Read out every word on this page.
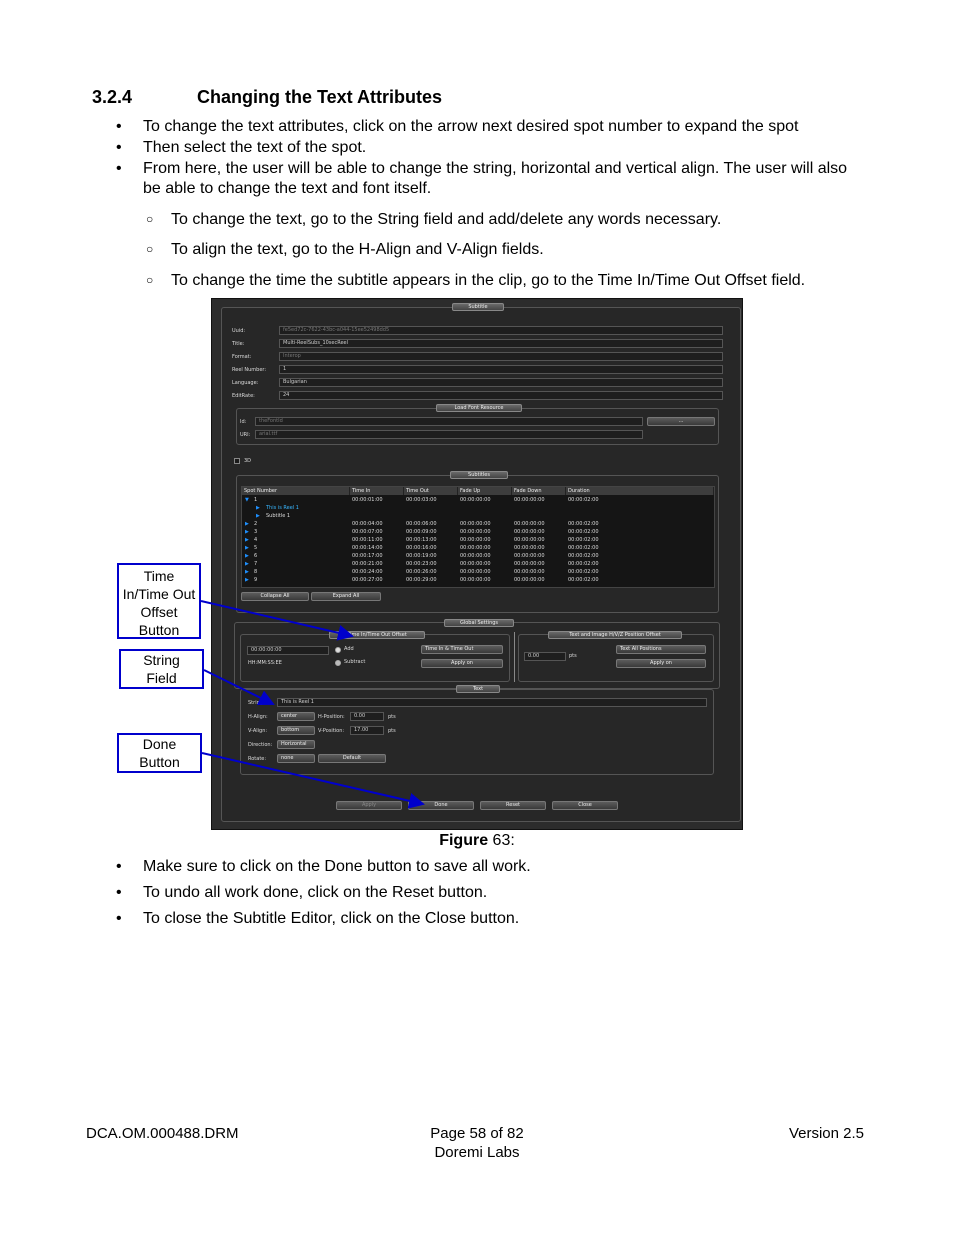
3.2.4	Changing the Text Attributes
• To change the text attributes, click on the arrow next desired spot number to expand the spot
• Then select the text of the spot.
• From here, the user will be able to change the string, horizontal and vertical align. The user will also be able to change the text and font itself.
○ To change the text, go to the String field and add/delete any words necessary.
○ To align the text, go to the H-Align and V-Align fields.
○ To change the time the subtitle appears in the clip, go to the Time In/Time Out Offset field.
Subtitle
Uuid:	fe5ed72c-7622-43bc-a044-15ee52498dd5
Title:	Multi-ReelSubs_10secReel
Format:	Interop
Reel Number:	1
Language:	Bulgarian
EditRate:	24
Load Font Resource
Id:	theFontId
URI:	arial.ttf
...
3D
Subtitles
Spot Number	Time In	Time Out	Fade Up	Fade Down	Duration
▼ 1	00:00:01:00	00:00:03:00	00:00:00:00	00:00:00:00	00:00:02:00
▶ This is Reel 1
▶ Subtitle 1
▶ 2	00:00:04:00	00:00:06:00	00:00:00:00	00:00:00:00	00:00:02:00
▶ 3	00:00:07:00	00:00:09:00	00:00:00:00	00:00:00:00	00:00:02:00
▶ 4	00:00:11:00	00:00:13:00	00:00:00:00	00:00:00:00	00:00:02:00
▶ 5	00:00:14:00	00:00:16:00	00:00:00:00	00:00:00:00	00:00:02:00
▶ 6	00:00:17:00	00:00:19:00	00:00:00:00	00:00:00:00	00:00:02:00
▶ 7	00:00:21:00	00:00:23:00	00:00:00:00	00:00:00:00	00:00:02:00
▶ 8	00:00:24:00	00:00:26:00	00:00:00:00	00:00:00:00	00:00:02:00
▶ 9	00:00:27:00	00:00:29:00	00:00:00:00	00:00:00:00	00:00:02:00
Collapse All	Expand All
Global Settings
Time In/Time Out Offset
00:00:00:00
HH:MM:SS:EE
Add
Subtract
Time In & Time Out
Apply on
Text and Image H/V/Z Position Offset
0.00	pts
Text All Positions
Apply on
Text
String:	This is Reel 1
H-Align:	center	H-Position:	0.00	pts
V-Align:	bottom	V-Position:	17.00	pts
Direction:	Horizontal
Rotate:	none	Default
Apply	Done	Reset	Close
Time In/Time Out Offset Button
String Field
Done Button
Figure 63:
• Make sure to click on the Done button to save all work.
• To undo all work done, click on the Reset button.
• To close the Subtitle Editor, click on the Close button.
DCA.OM.000488.DRM	Page 58 of 82
Doremi Labs
Version 2.5
